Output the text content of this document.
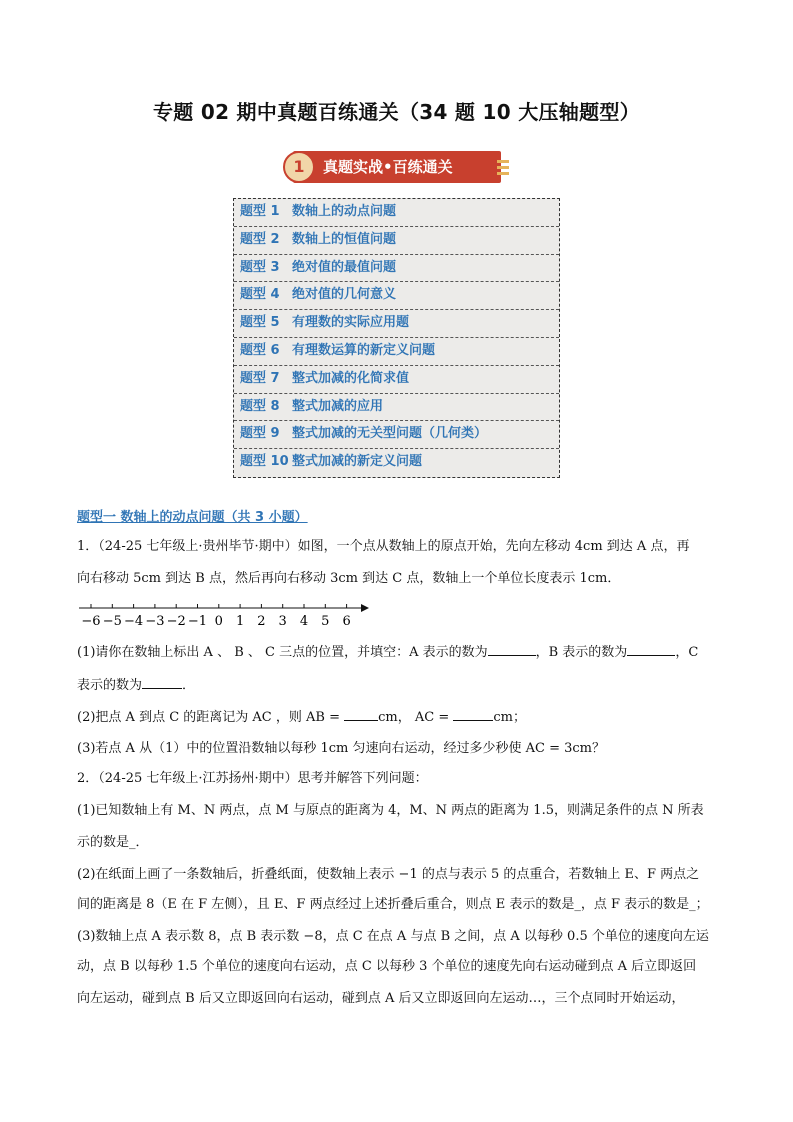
专题 02 期中真题百练通关（34 题 10 大压轴题型）
1	真题实战•百练通关
题型 1 数轴上的动点问题
题型 2 数轴上的恒值问题
题型 3 绝对值的最值问题
题型 4 绝对值的几何意义
题型 5 有理数的实际应用题
题型 6 有理数运算的新定义问题
题型 7 整式加减的化简求值
题型 8 整式加减的应用
题型 9 整式加减的无关型问题（几何类）
题型 10 整式加减的新定义问题
题型一 数轴上的动点问题（共 3 小题）
1．（24-25 七年级上·贵州毕节·期中）如图，一个点从数轴上的原点开始，先向左移动 4cm 到达 A 点，再
向右移动 5cm 到达 B 点，然后再向右移动 3cm 到达 C 点，数轴上一个单位长度表示 1cm．
−6 −5 −4 −3 −2 −1 0 1 2 3 4 5 6
(1)请你在数轴上标出 A 、 B 、 C 三点的位置，并填空：A 表示的数为	，B 表示的数为	，C
表示的数为	．
(2)把点 A 到点 C 的距离记为 AC ，则 AB =	cm， AC =	cm；
(3)若点 A 从（1）中的位置沿数轴以每秒 1cm 匀速向右运动，经过多少秒使 AC = 3cm？
2．（24-25 七年级上·江苏扬州·期中）思考并解答下列问题：
(1)已知数轴上有 M、N 两点，点 M 与原点的距离为 4，M、N 两点的距离为 1.5，则满足条件的点 N 所表
示的数是_．
(2)在纸面上画了一条数轴后，折叠纸面，使数轴上表示 −1 的点与表示 5 的点重合，若数轴上 E、F 两点之
间的距离是 8（E 在 F 左侧），且 E、F 两点经过上述折叠后重合，则点 E 表示的数是_，点 F 表示的数是_；
(3)数轴上点 A 表示数 8，点 B 表示数 −8，点 C 在点 A 与点 B 之间，点 A 以每秒 0.5 个单位的速度向左运
动，点 B 以每秒 1.5 个单位的速度向右运动，点 C 以每秒 3 个单位的速度先向右运动碰到点 A 后立即返回
向左运动，碰到点 B 后又立即返回向右运动，碰到点 A 后又立即返回向左运动…，三个点同时开始运动，
